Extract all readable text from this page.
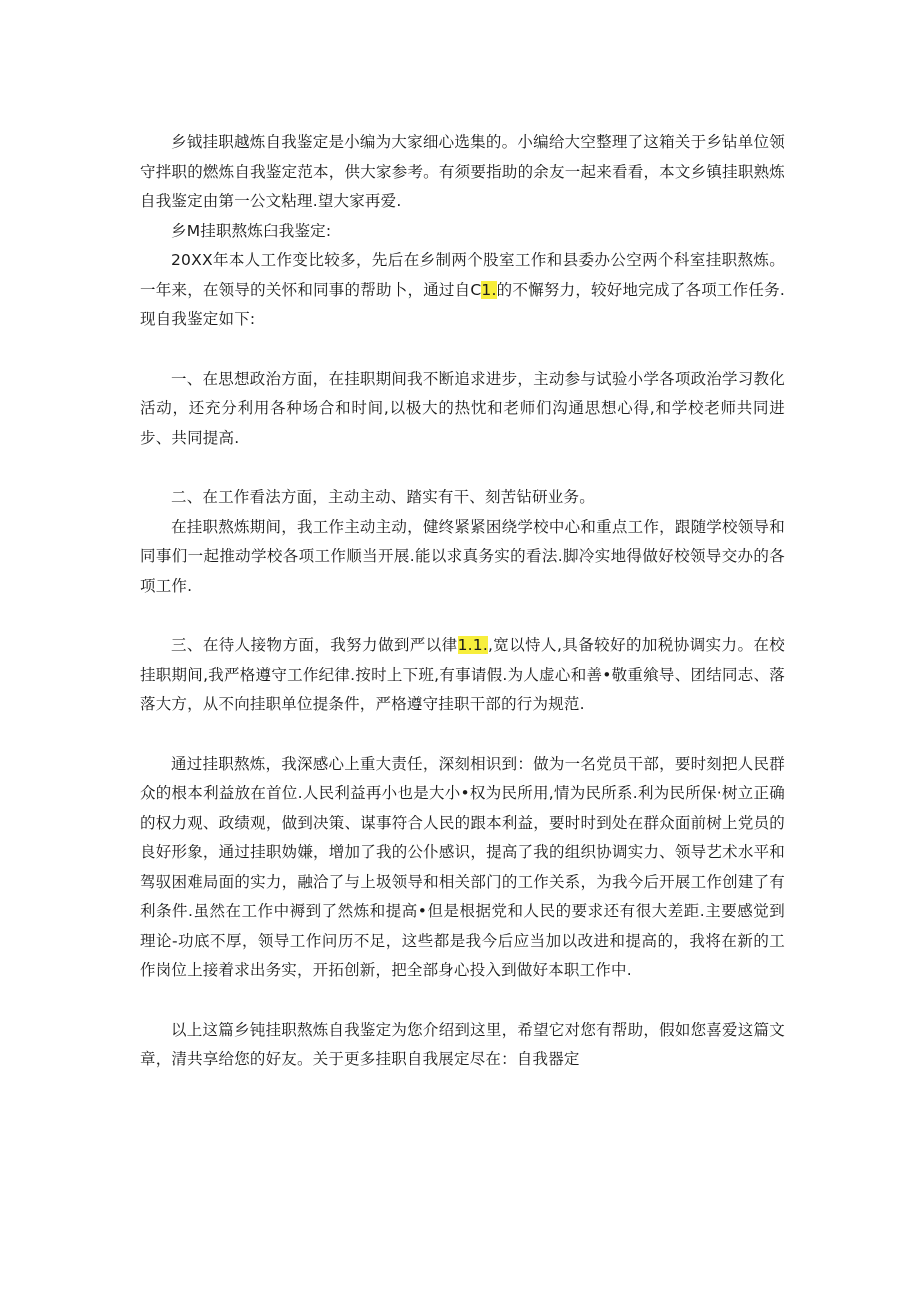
乡钺挂职越炼自我鉴定是小编为大家细心选集的。小编给大空整理了这箱关于乡钻单位领守拌职的燃炼自我鉴定范本，供大家参考。有须要指助的余友一起来看看，本文乡镇挂职熟炼自我鉴定由第一公文粘理.望大家再爱.

乡M挂职熬炼臼我鉴定:

20XX年本人工作变比较多，先后在乡制两个股室工作和县委办公空两个科室挂职熬炼。一年来，在领导的关怀和同事的帮助卜，通过自C1.的不懈努力，较好地完成了各项工作任务.现自我鉴定如下:

一、在思想政治方面，在挂职期间我不断追求进步，主动参与试验小学各项政治学习教化活动，还充分利用各种场合和时间,以极大的热忱和老师们沟通思想心得,和学校老师共同进步、共同提高.

二、在工作看法方面，主动主动、踏实有干、刻苦钻研业务。

在挂职熬炼期间，我工作主动主动，健终紧紧困绕学校中心和重点工作，跟随学校领导和同事们一起推动学校各项工作顺当开展.能以求真务实的看法.脚冷实地得做好校领导交办的各项工作.

三、在待人接物方面，我努力做到严以律1.1.,宽以恃人,具备较好的加税协调实力。在校挂职期间,我严格遵守工作纪律.按时上下班,有事请假.为人虚心和善•敬重飨导、团结同志、落落大方，从不向挂职单位提条件，严格遵守挂职干部的行为规范.

通过挂职熬炼，我深感心上重大责任，深刻相识到：做为一名党员干部，要时刻把人民群众的根本利益放在首位.人民利益再小也是大小•权为民所用,情为民所系.利为民所保·树立正确的权力观、政绩观，做到决策、谋事符合人民的跟本利益，要时时到处在群众面前树上党员的良好形象，通过挂职妫嫌，增加了我的公仆感识，提高了我的组织协调实力、领导艺术水平和驾驭困难局面的实力，融洽了与上圾领导和相关部门的工作关系，为我今后开展工作创建了有利条件.虽然在工作中褥到了然炼和提高•但是根据党和人民的要求还有很大差距.主要感觉到理论-功底不厚，领导工作问历不足，这些都是我今后应当加以改进和提高的，我将在新的工作岗位上接着求出务实，开拓创新，把全部身心投入到做好本职工作中.

以上这篇乡钝挂职熬炼自我鉴定为您介绍到这里，希望它对您有帮助，假如您喜爱这篇文章，清共享给您的好友。关于更多挂职自我展定尽在：自我器定
